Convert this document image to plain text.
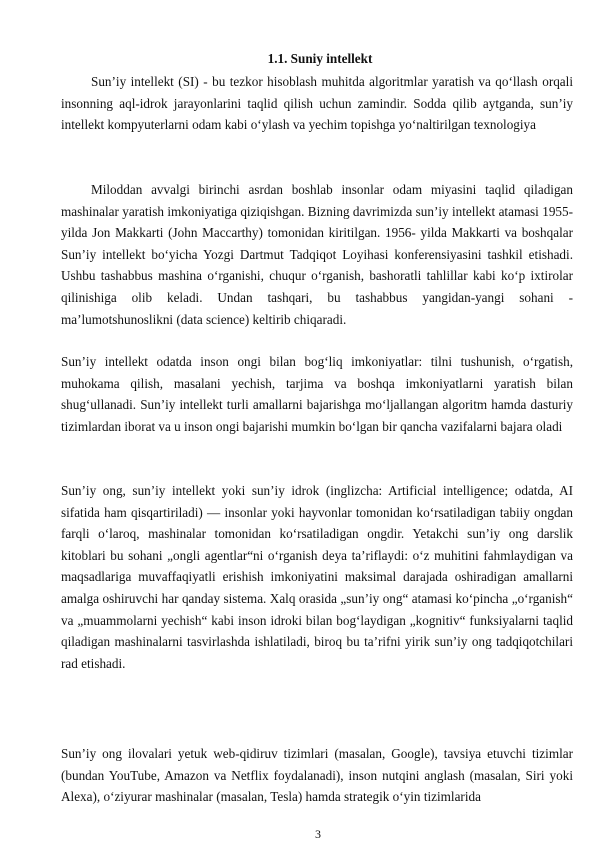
1.1. Suniy intellekt

Sun’iy intellekt (SI) - bu tezkor hisoblash muhitda algoritmlar yaratish va qo‘llash orqali insonning aql-idrok jarayonlarini taqlid qilish uchun zamindir. Sodda qilib aytganda, sun’iy intellekt kompyuterlarni odam kabi o‘ylash va yechim topishga yo‘naltirilgan texnologiya

Miloddan avvalgi birinchi asrdan boshlab insonlar odam miyasini taqlid qiladigan mashinalar yaratish imkoniyatiga qiziqishgan. Bizning davrimizda sun’iy intellekt atamasi 1955- yilda Jon Makkarti (John Maccarthy) tomonidan kiritilgan. 1956- yilda Makkarti va boshqalar Sun’iy intellekt bo‘yicha Yozgi Dartmut Tadqiqot Loyihasi konferensiyasini tashkil etishadi. Ushbu tashabbus mashina o‘rganishi, chuqur o‘rganish, bashoratli tahlillar kabi ko‘p ixtirolar qilinishiga olib keladi. Undan tashqari, bu tashabbus yangidan-yangi sohani - ma’lumotshunoslikni (data science) keltirib chiqaradi.

Sun’iy intellekt odatda inson ongi bilan bog‘liq imkoniyatlar: tilni tushunish, o‘rgatish, muhokama qilish, masalani yechish, tarjima va boshqa imkoniyatlarni yaratish bilan shug‘ullanadi. Sun’iy intellekt turli amallarni bajarishga mo‘ljallangan algoritm hamda dasturiy tizimlardan iborat va u inson ongi bajarishi mumkin bo‘lgan bir qancha vazifalarni bajara oladi

Sunʼiy ong, sunʼiy intellekt yoki sunʼiy idrok (inglizcha: Artificial intelligence; odatda, AI sifatida ham qisqartiriladi) — insonlar yoki hayvonlar tomonidan koʻrsatiladigan tabiiy ongdan farqli oʻlaroq, mashinalar tomonidan koʻrsatiladigan ongdir. Yetakchi sunʼiy ong darslik kitoblari bu sohani „ongli agentlar“ni oʻrganish deya taʼriflaydi: oʻz muhitini fahmlaydigan va maqsadlariga muvaffaqiyatli erishish imkoniyatini maksimal darajada oshiradigan amallarni amalga oshiruvchi har qanday sistema. Xalq orasida „sunʼiy ong“ atamasi koʻpincha „oʻrganish“ va „muammolarni yechish“ kabi inson idroki bilan bogʻlaydigan „kognitiv“ funksiyalarni taqlid qiladigan mashinalarni tasvirlashda ishlatiladi, biroq bu taʼrifni yirik sunʼiy ong tadqiqotchilari rad etishadi.

Sunʼiy ong ilovalari yetuk web-qidiruv tizimlari (masalan, Google), tavsiya etuvchi tizimlar (bundan YouTube, Amazon va Netflix foydalanadi), inson nutqini anglash (masalan, Siri yoki Alexa), oʻziyurar mashinalar (masalan, Tesla) hamda strategik oʻyin tizimlarida

3
